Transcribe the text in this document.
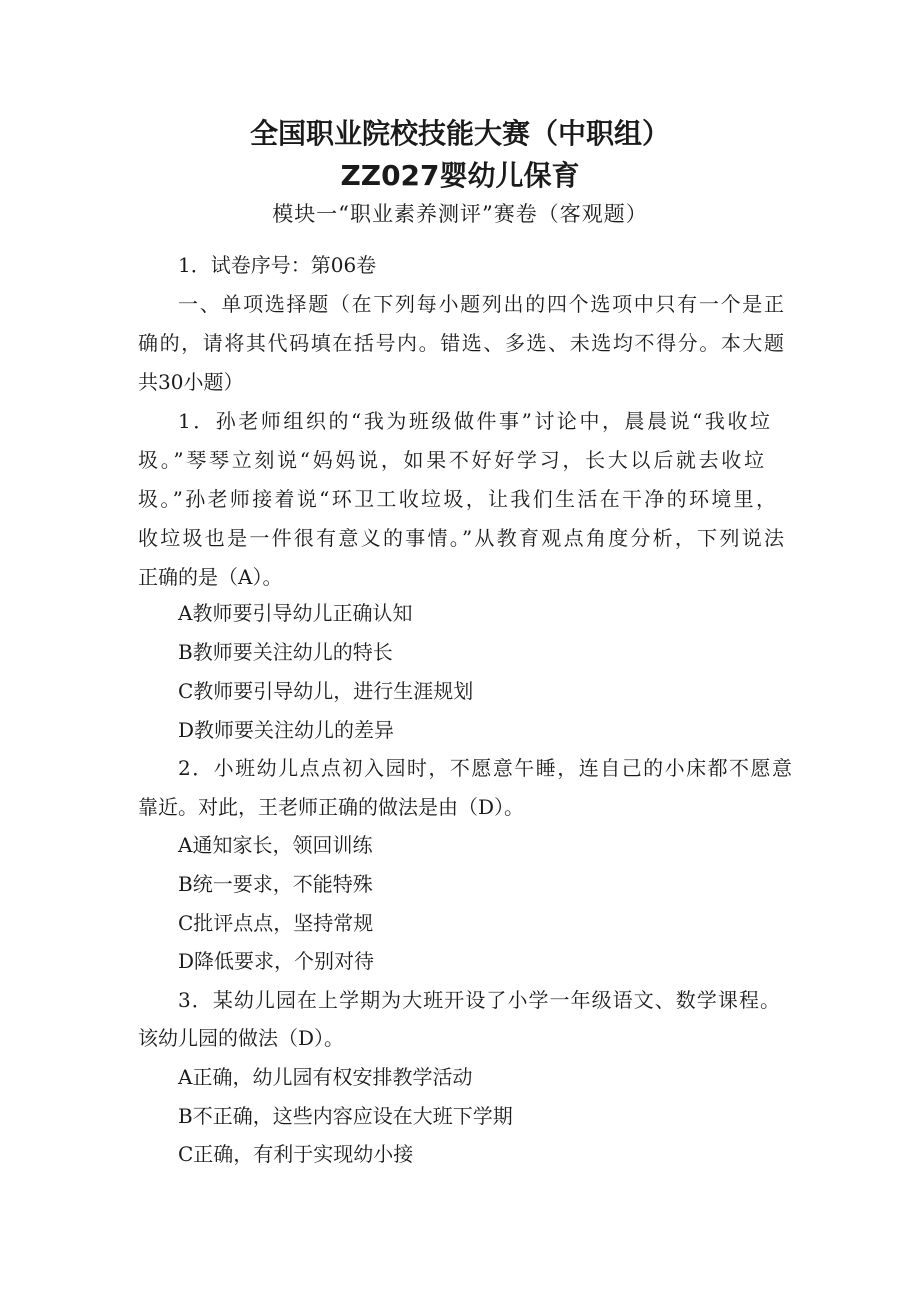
全国职业院校技能大赛（中职组）
ZZ027婴幼儿保育
模块一“职业素养测评”赛卷（客观题）
1．试卷序号：第06卷
一、单项选择题（在下列每小题列出的四个选项中只有一个是正
确的，请将其代码填在括号内。错选、多选、未选均不得分。本大题
共30小题）
1．孙老师组织的“我为班级做件事”讨论中，晨晨说“我收垃
圾。”琴琴立刻说“妈妈说，如果不好好学习，长大以后就去收垃
圾。”孙老师接着说“环卫工收垃圾，让我们生活在干净的环境里，
收垃圾也是一件很有意义的事情。”从教育观点角度分析，下列说法
正确的是（A）。
A教师要引导幼儿正确认知
B教师要关注幼儿的特长
C教师要引导幼儿，进行生涯规划
D教师要关注幼儿的差异
2．小班幼儿点点初入园时，不愿意午睡，连自己的小床都不愿意
靠近。对此，王老师正确的做法是由（D）。
A通知家长，领回训练
B统一要求，不能特殊
C批评点点，坚持常规
D降低要求，个别对待
3．某幼儿园在上学期为大班开设了小学一年级语文、数学课程。
该幼儿园的做法（D）。
A正确，幼儿园有权安排教学活动
B不正确，这些内容应设在大班下学期
C正确，有利于实现幼小接
